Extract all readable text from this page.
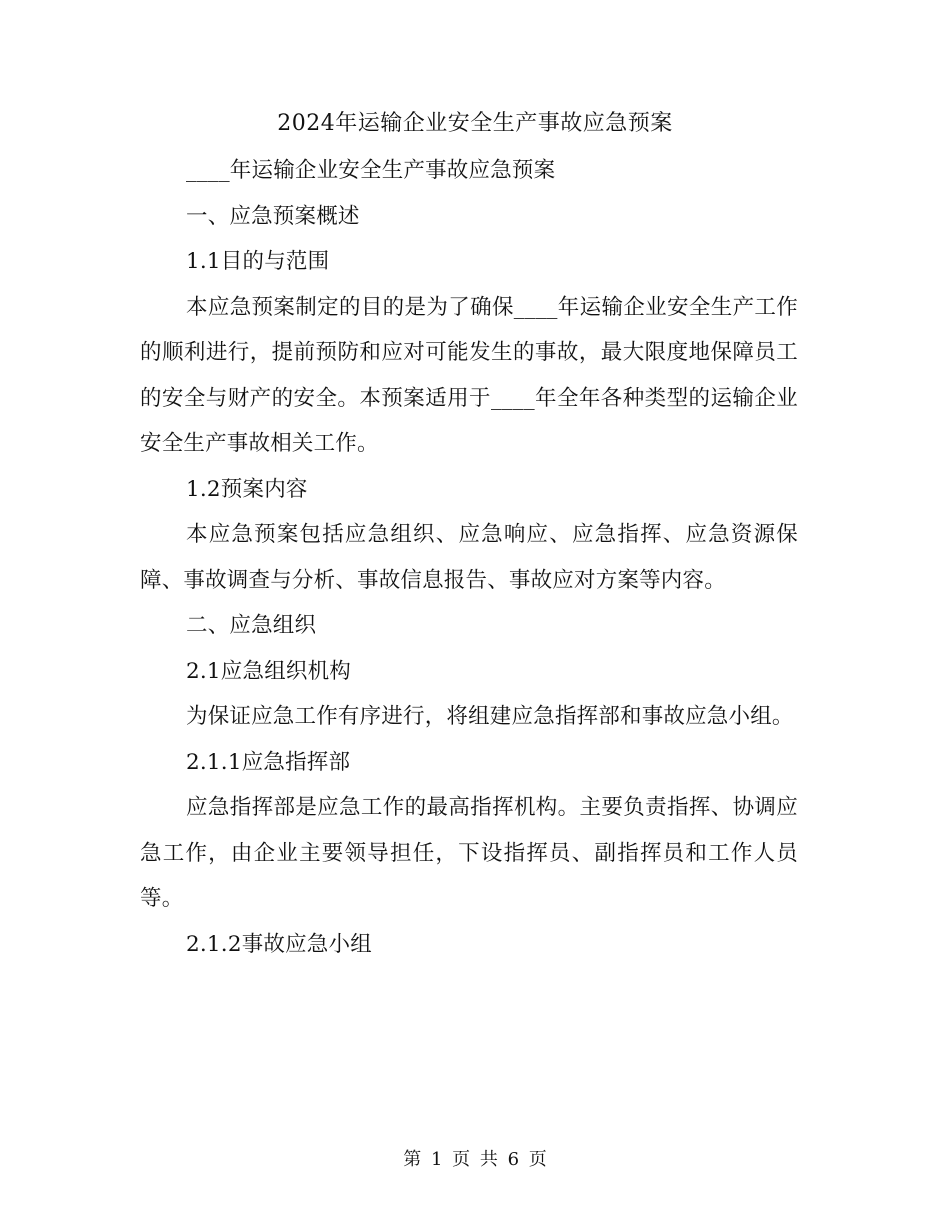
2024年运输企业安全生产事故应急预案

____年运输企业安全生产事故应急预案

一、应急预案概述

1.1目的与范围

本应急预案制定的目的是为了确保____年运输企业安全生产工作的顺利进行，提前预防和应对可能发生的事故，最大限度地保障员工的安全与财产的安全。本预案适用于____年全年各种类型的运输企业安全生产事故相关工作。

1.2预案内容

本应急预案包括应急组织、应急响应、应急指挥、应急资源保障、事故调查与分析、事故信息报告、事故应对方案等内容。

二、应急组织

2.1应急组织机构

为保证应急工作有序进行，将组建应急指挥部和事故应急小组。

2.1.1应急指挥部

应急指挥部是应急工作的最高指挥机构。主要负责指挥、协调应急工作，由企业主要领导担任，下设指挥员、副指挥员和工作人员等。

2.1.2事故应急小组

第 1 页 共 6 页
